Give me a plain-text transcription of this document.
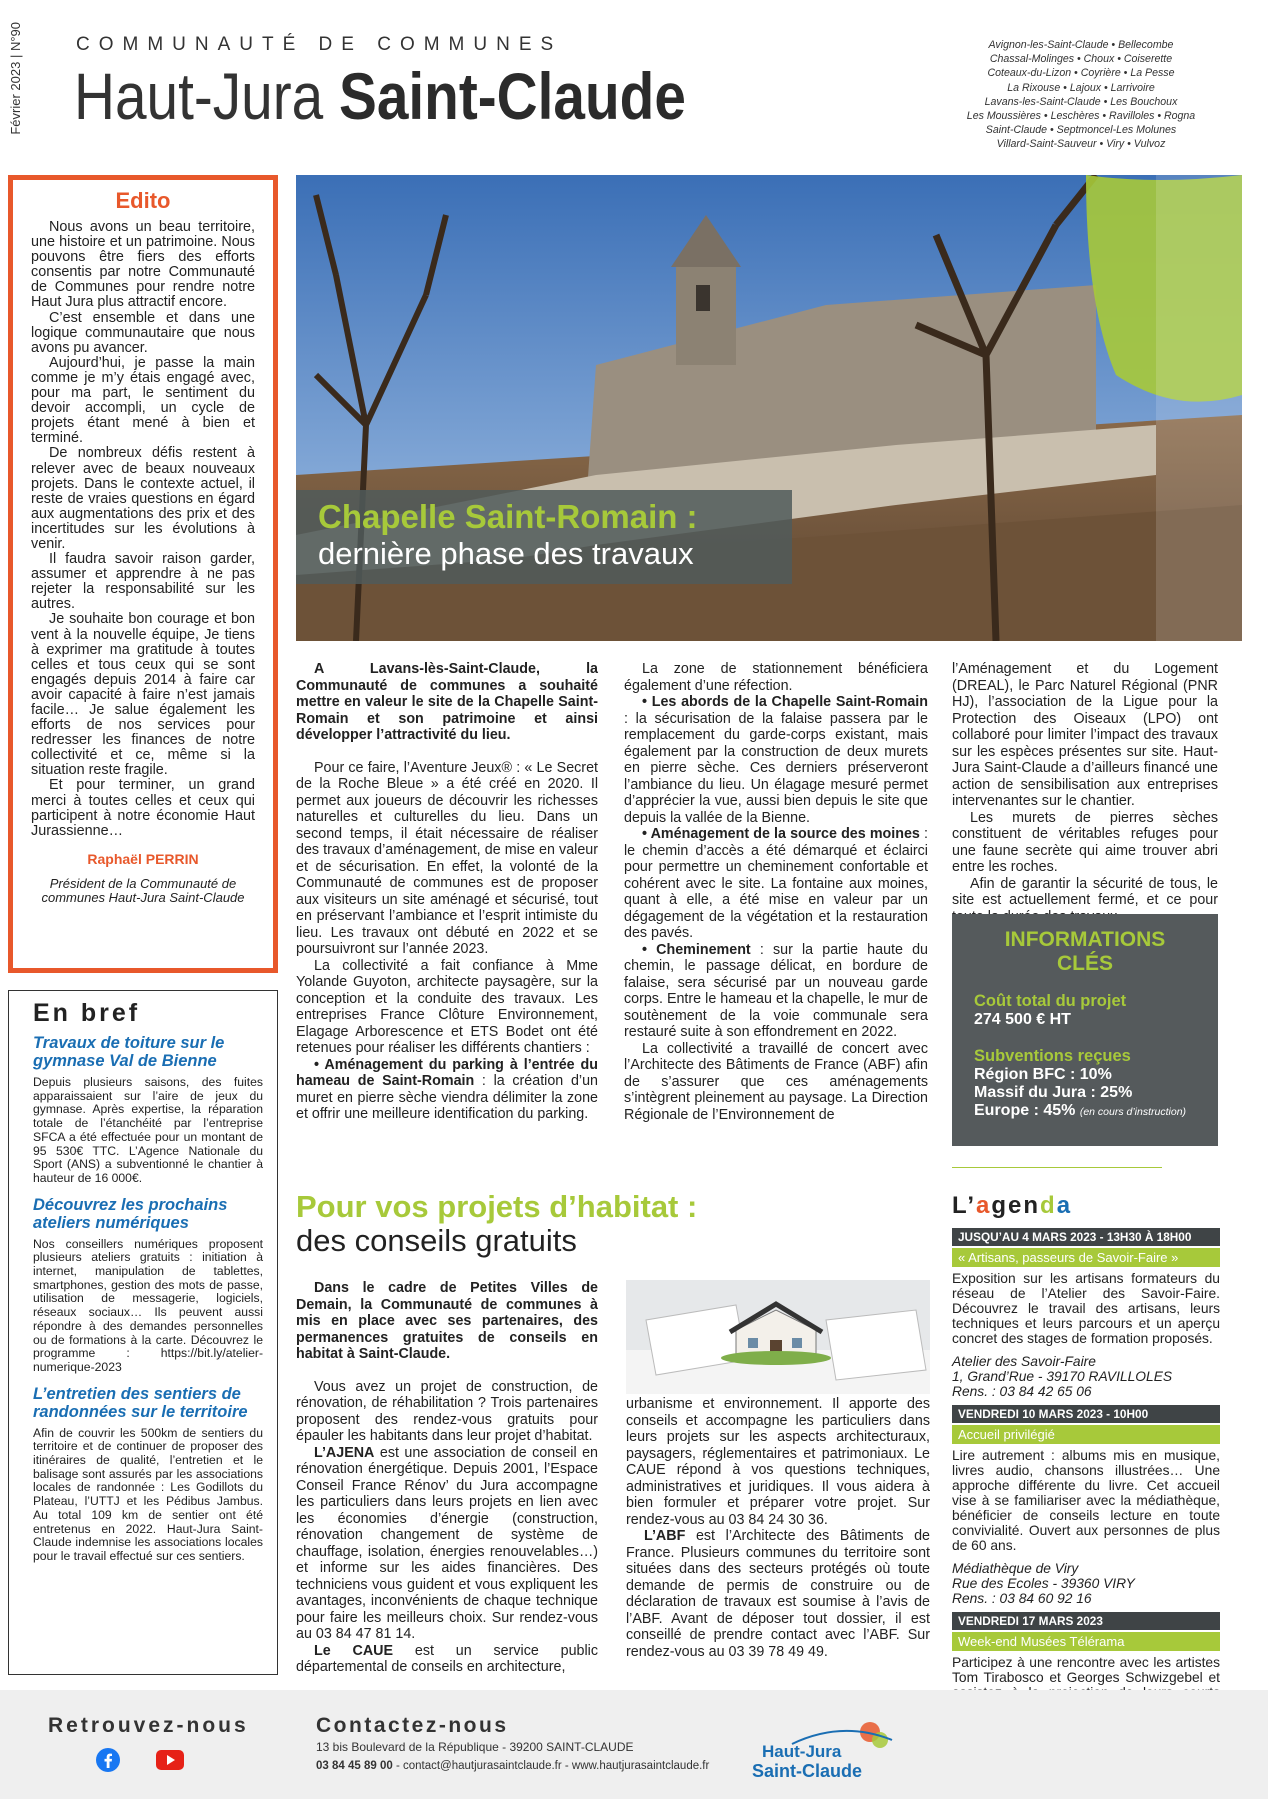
Février 2023 | N°90	COMMUNAUTÉ DE COMMUNES
Haut-Jura Saint-Claude
Avignon-les-Saint-Claude • Bellecombe
Chassal-Molinges • Choux • Coiserette
Coteaux-du-Lizon • Coyrière • La Pesse
La Rixouse • Lajoux • Larrivoire
Lavans-les-Saint-Claude • Les Bouchoux
Les Moussières • Leschères • Ravilloles • Rogna
Saint-Claude • Septmoncel-Les Molunes
Villard-Saint-Sauveur • Viry • Vulvoz
Edito

Nous avons un beau territoire, une histoire et un patrimoine. Nous pouvons être fiers des efforts consentis par notre Communauté de Communes pour rendre notre Haut Jura plus attractif encore.

C’est ensemble et dans une logique communautaire que nous avons pu avancer.

Aujourd’hui, je passe la main comme je m’y étais engagé avec, pour ma part, le sentiment du devoir accompli, un cycle de projets étant mené à bien et terminé.

De nombreux défis restent à relever avec de beaux nouveaux projets. Dans le contexte actuel, il reste de vraies questions en égard aux augmentations des prix et des incertitudes sur les évolutions à venir.

Il faudra savoir raison garder, assumer et apprendre à ne pas rejeter la responsabilité sur les autres.

Je souhaite bon courage et bon vent à la nouvelle équipe, Je tiens à exprimer ma gratitude à toutes celles et tous ceux qui se sont engagés depuis 2014 à faire car avoir capacité à faire n’est jamais facile… Je salue également les efforts de nos services pour redresser les finances de notre collectivité et ce, même si la situation reste fragile.

Et pour terminer, un grand merci à toutes celles et ceux qui participent à notre économie Haut Jurassienne…

Raphaël PERRIN
Président de la Communauté de communes Haut-Jura Saint-Claude
En bref
Travaux de toiture sur le gymnase Val de Bienne
Depuis plusieurs saisons, des fuites apparaissaient sur l’aire de jeux du gymnase. Après expertise, la réparation totale de l’étanchéité par l’entreprise SFCA a été effectuée pour un montant de 95 530€ TTC. L’Agence Nationale du Sport (ANS) a subventionné le chantier à hauteur de 16 000€.
Découvrez les prochains ateliers numériques
Nos conseillers numériques proposent plusieurs ateliers gratuits : initiation à internet, manipulation de tablettes, smartphones, gestion des mots de passe, utilisation de messagerie, logiciels, réseaux sociaux… Ils peuvent aussi répondre à des demandes personnelles ou de formations à la carte. Découvrez le programme : https://bit.ly/atelier-numerique-2023
L’entretien des sentiers de randonnées sur le territoire
Afin de couvrir les 500km de sentiers du territoire et de continuer de proposer des itinéraires de qualité, l’entretien et le balisage sont assurés par les associations locales de randonnée : Les Godillots du Plateau, l’UTTJ et les Pédibus Jambus. Au total 109 km de sentier ont été entretenus en 2022. Haut-Jura Saint-Claude indemnise les associations locales pour le travail effectué sur ces sentiers.
Chapelle Saint-Romain :
dernière phase des travaux

A Lavans-lès-Saint-Claude, la Communauté de communes a souhaité mettre en valeur le site de la Chapelle Saint-Romain et son patrimoine et ainsi développer l’attractivité du lieu.

Pour ce faire, l’Aventure Jeux® : « Le Secret de la Roche Bleue » a été créé en 2020. Il permet aux joueurs de découvrir les richesses naturelles et culturelles du lieu. Dans un second temps, il était nécessaire de réaliser des travaux d’aménagement, de mise en valeur et de sécurisation. En effet, la volonté de la Communauté de communes est de proposer aux visiteurs un site aménagé et sécurisé, tout en préservant l’ambiance et l’esprit intimiste du lieu. Les travaux ont débuté en 2022 et se poursuivront sur l’année 2023.

La collectivité a fait confiance à Mme Yolande Guyoton, architecte paysagère, sur la conception et la conduite des travaux. Les entreprises France Clôture Environnement, Elagage Arborescence et ETS Bodet ont été retenues pour réaliser les différents chantiers :

• Aménagement du parking à l’entrée du hameau de Saint-Romain : la création d’un muret en pierre sèche viendra délimiter la zone et offrir une meilleure identification du parking.

La zone de stationnement bénéficiera également d’une réfection.

• Les abords de la Chapelle Saint-Romain : la sécurisation de la falaise passera par le remplacement du garde-corps existant, mais également par la construction de deux murets en pierre sèche. Ces derniers préserveront l’ambiance du lieu. Un élagage mesuré permet d’apprécier la vue, aussi bien depuis le site que depuis la vallée de la Bienne.

• Aménagement de la source des moines : le chemin d’accès a été démarqué et éclairci pour permettre un cheminement confortable et cohérent avec le site. La fontaine aux moines, quant à elle, a été mise en valeur par un dégagement de la végétation et la restauration des pavés.

• Cheminement : sur la partie haute du chemin, le passage délicat, en bordure de falaise, sera sécurisé par un nouveau garde corps. Entre le hameau et la chapelle, le mur de soutènement de la voie communale sera restauré suite à son effondrement en 2022.

La collectivité a travaillé de concert avec l’Architecte des Bâtiments de France (ABF) afin de s’assurer que ces aménagements s’intègrent pleinement au paysage. La Direction Régionale de l’Environnement de

l’Aménagement et du Logement (DREAL), le Parc Naturel Régional (PNR HJ), l’association de la Ligue pour la Protection des Oiseaux (LPO) ont collaboré pour limiter l’impact des travaux sur les espèces présentes sur site. Haut-Jura Saint-Claude a d’ailleurs financé une action de sensibilisation aux entreprises intervenantes sur le chantier.

Les murets de pierres sèches constituent de véritables refuges pour une faune secrète qui aime trouver abri entre les roches.

Afin de garantir la sécurité de tous, le site est actuellement fermé, et ce pour

INFORMATIONS CLÉS
Coût total du projet
274 500 € HT
Subventions reçues
Région BFC : 10%
Massif du Jura : 25%
Europe : 45% (en cours d’instruction)
Pour vos projets d’habitat :
des conseils gratuits

Dans le cadre de Petites Villes de Demain, la Communauté de communes à mis en place avec ses partenaires, des permanences gratuites de conseils en habitat à Saint-Claude.

Vous avez un projet de construction, de rénovation, de réhabilitation ? Trois partenaires proposent des rendez-vous gratuits pour épauler les habitants dans leur projet d’habitat.

L’AJENA est une association de conseil en rénovation énergétique. Depuis 2001, l’Espace Conseil France Rénov’ du Jura accompagne les particuliers dans leurs projets en lien avec les économies d’énergie (construction, rénovation changement de système de chauffage, isolation, énergies renouvelables…) et informe sur les aides financières. Des techniciens vous guident et vous expliquent les avantages, inconvénients de chaque technique pour faire les meilleurs choix. Sur rendez-vous au 03 84 47 81 14.

Le CAUE est un service public départemental de conseils en architecture,

urbanisme et environnement. Il apporte des conseils et accompagne les particuliers dans leurs projets sur les aspects architecturaux, paysagers, réglementaires et patrimoniaux. Le CAUE répond à vos questions techniques, administratives et juridiques. Il vous aidera à bien formuler et préparer votre projet. Sur rendez-vous au 03 84 24 30 36.

L’ABF est l’Architecte des Bâtiments de France. Plusieurs communes du territoire sont situées dans des secteurs protégés où toute demande de permis de construire ou de déclaration de travaux est soumise à l’avis de l’ABF. Avant de déposer tout dossier, il est conseillé de prendre contact avec l’ABF. Sur rendez-vous au 03 39 78 49 49.

L’agenda
JUSQU’AU 4 MARS 2023 - 13H30 À 18H00
« Artisans, passeurs de Savoir-Faire »
Exposition sur les artisans formateurs du réseau de l’Atelier des Savoir-Faire. Découvrez le travail des artisans, leurs techniques et leurs parcours et un aperçu concret des stages de formation proposés.
Atelier des Savoir-Faire
1, Grand’Rue - 39170 RAVILLOLES
Rens. : 03 84 42 65 06
VENDREDI 10 MARS 2023 - 10H00
Accueil privilégié
Lire autrement : albums mis en musique, livres audio, chansons illustrées… Une approche différente du livre. Cet accueil vise à se familiariser avec la médiathèque, bénéficier de conseils lecture en toute convivialité. Ouvert aux personnes de plus de 60 ans.
Médiathèque de Viry
Rue des Ecoles - 39360 VIRY
Rens. : 03 84 60 92 16
VENDREDI 17 MARS 2023
Week-end Musées Télérama
Participez à une rencontre avec les artistes Tom Tirabosco et Georges Schwizgebel et
Retrouvez-nous	Contactez-nous
13 bis Boulevard de la République - 39200 SAINT-CLAUDE
03 84 45 89 00 - contact@hautjurasaintclaude.fr - www.hautjurasaintclaude.fr
Haut-Jura
Saint-Claude
